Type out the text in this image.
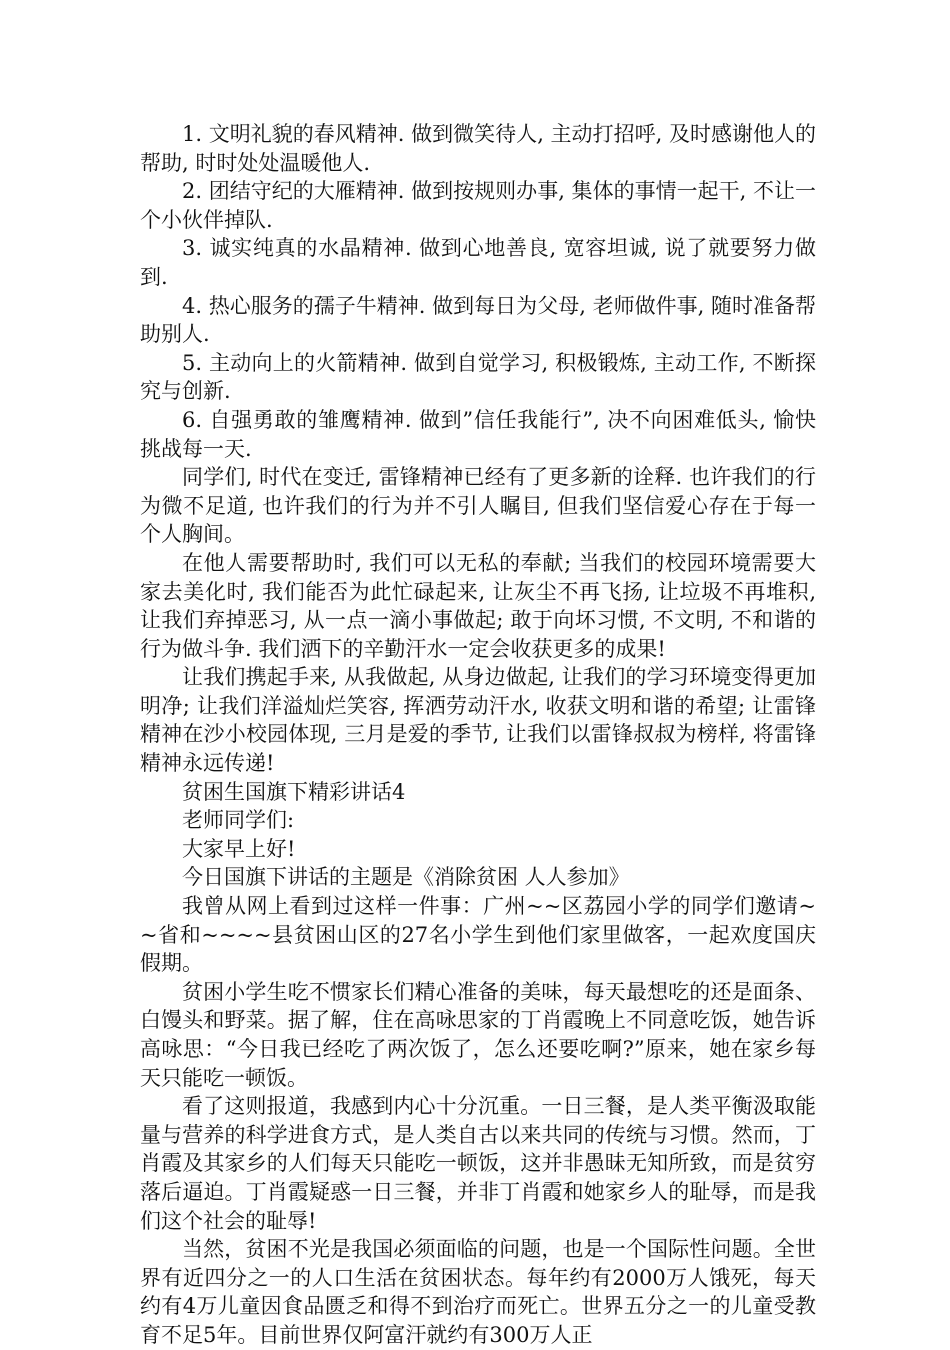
1. 文明礼貌的春风精神. 做到微笑待人, 主动打招呼, 及时感谢他人的帮助, 时时处处温暖他人.

2. 团结守纪的大雁精神. 做到按规则办事, 集体的事情一起干, 不让一个小伙伴掉队.

3. 诚实纯真的水晶精神. 做到心地善良, 宽容坦诚, 说了就要努力做到.

4. 热心服务的孺子牛精神. 做到每日为父母, 老师做件事, 随时准备帮助别人.

5. 主动向上的火箭精神. 做到自觉学习, 积极锻炼, 主动工作, 不断探究与创新.

6. 自强勇敢的雏鹰精神. 做到”信任我能行”, 决不向困难低头, 愉快挑战每一天.

同学们, 时代在变迁, 雷锋精神已经有了更多新的诠释. 也许我们的行为微不足道, 也许我们的行为并不引人瞩目, 但我们坚信爱心存在于每一个人胸间。

在他人需要帮助时, 我们可以无私的奉献; 当我们的校园环境需要大家去美化时, 我们能否为此忙碌起来, 让灰尘不再飞扬, 让垃圾不再堆积, 让我们弃掉恶习, 从一点一滴小事做起; 敢于向坏习惯, 不文明, 不和谐的行为做斗争. 我们洒下的辛勤汗水一定会收获更多的成果!

让我们携起手来, 从我做起, 从身边做起, 让我们的学习环境变得更加明净; 让我们洋溢灿烂笑容, 挥洒劳动汗水, 收获文明和谐的希望; 让雷锋精神在沙小校园体现, 三月是爱的季节, 让我们以雷锋叔叔为榜样, 将雷锋精神永远传递!

贫困生国旗下精彩讲话4

老师同学们:

大家早上好!

今日国旗下讲话的主题是《消除贫困 人人参加》

我曾从网上看到过这样一件事：广州~~区荔园小学的同学们邀请~~省和~~~~县贫困山区的27名小学生到他们家里做客，一起欢度国庆假期。

贫困小学生吃不惯家长们精心准备的美味，每天最想吃的还是面条、白馒头和野菜。据了解，住在高咏思家的丁肖霞晚上不同意吃饭，她告诉高咏思：“今日我已经吃了两次饭了，怎么还要吃啊?”原来，她在家乡每天只能吃一顿饭。

看了这则报道，我感到内心十分沉重。一日三餐，是人类平衡汲取能量与营养的科学进食方式，是人类自古以来共同的传统与习惯。然而，丁肖霞及其家乡的人们每天只能吃一顿饭，这并非愚昧无知所致，而是贫穷落后逼迫。丁肖霞疑惑一日三餐，并非丁肖霞和她家乡人的耻辱，而是我们这个社会的耻辱!

当然，贫困不光是我国必须面临的问题，也是一个国际性问题。全世界有近四分之一的人口生活在贫困状态。每年约有2000万人饿死，每天约有4万儿童因食品匮乏和得不到治疗而死亡。世界五分之一的儿童受教育不足5年。目前世界仅阿富汗就约有300万人正
